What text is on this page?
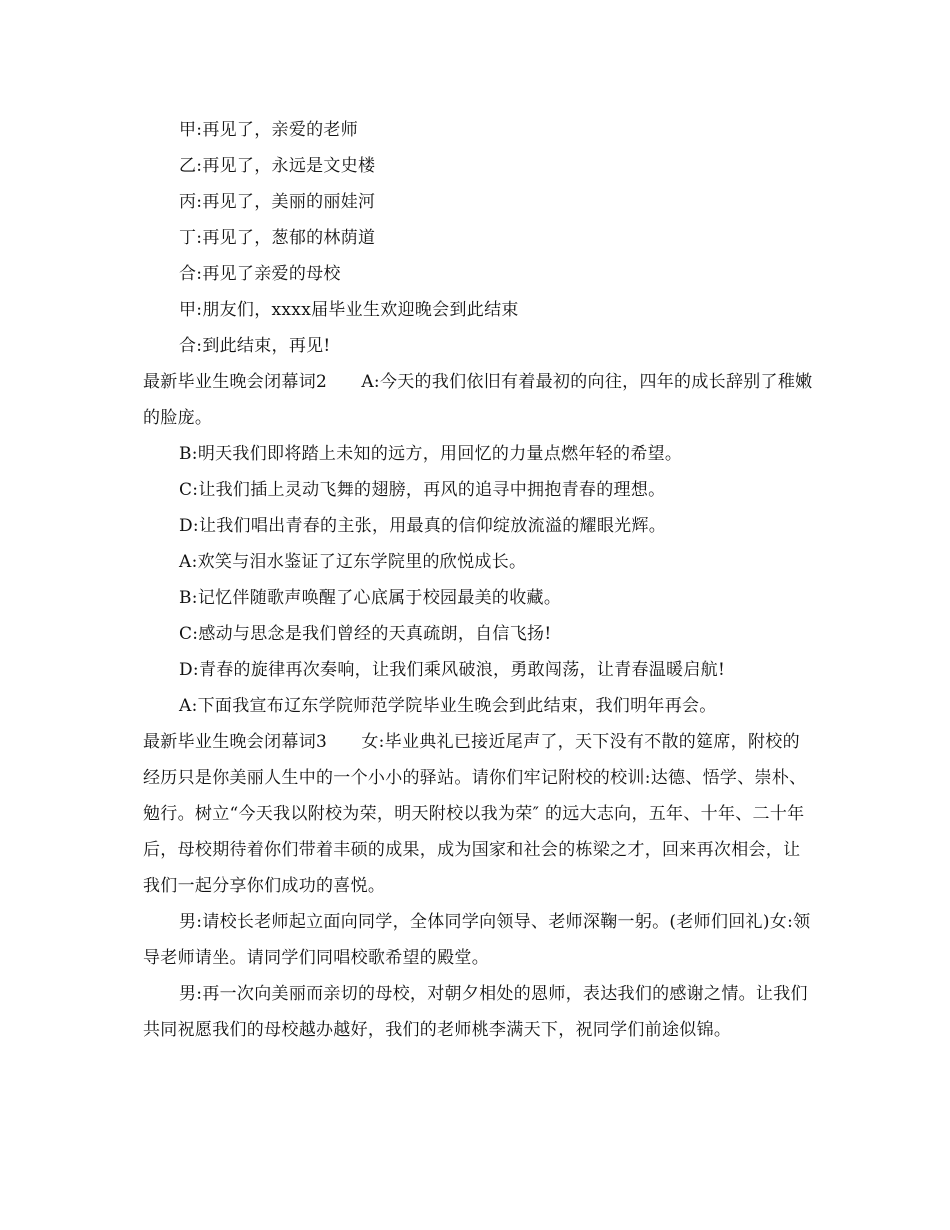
甲:再见了，亲爱的老师

乙:再见了，永远是文史楼

丙:再见了，美丽的丽娃河

丁:再见了，葱郁的林荫道

合:再见了亲爱的母校

甲:朋友们，xxxx届毕业生欢迎晚会到此结束

合:到此结束，再见!

最新毕业生晚会闭幕词2      A:今天的我们依旧有着最初的向往，四年的成长辞别了稚嫩的脸庞。

B:明天我们即将踏上未知的远方，用回忆的力量点燃年轻的希望。

C:让我们插上灵动飞舞的翅膀，再风的追寻中拥抱青春的理想。

D:让我们唱出青春的主张，用最真的信仰绽放流溢的耀眼光辉。

A:欢笑与泪水鉴证了辽东学院里的欣悦成长。

B:记忆伴随歌声唤醒了心底属于校园最美的收藏。

C:感动与思念是我们曾经的天真疏朗，自信飞扬!

D:青春的旋律再次奏响，让我们乘风破浪，勇敢闯荡，让青春温暖启航!

A:下面我宣布辽东学院师范学院毕业生晚会到此结束，我们明年再会。

最新毕业生晚会闭幕词3      女:毕业典礼已接近尾声了，天下没有不散的筵席，附校的经历只是你美丽人生中的一个小小的驿站。请你们牢记附校的校训:达德、悟学、崇朴、勉行。树立“今天我以附校为荣，明天附校以我为荣″ 的远大志向，五年、十年、二十年后，母校期待着你们带着丰硕的成果，成为国家和社会的栋梁之才，回来再次相会，让我们一起分享你们成功的喜悦。

男:请校长老师起立面向同学，全体同学向领导、老师深鞠一躬。(老师们回礼)女:领导老师请坐。请同学们同唱校歌希望的殿堂。

男:再一次向美丽而亲切的母校，对朝夕相处的恩师，表达我们的感谢之情。让我们共同祝愿我们的母校越办越好，我们的老师桃李满天下，祝同学们前途似锦。
